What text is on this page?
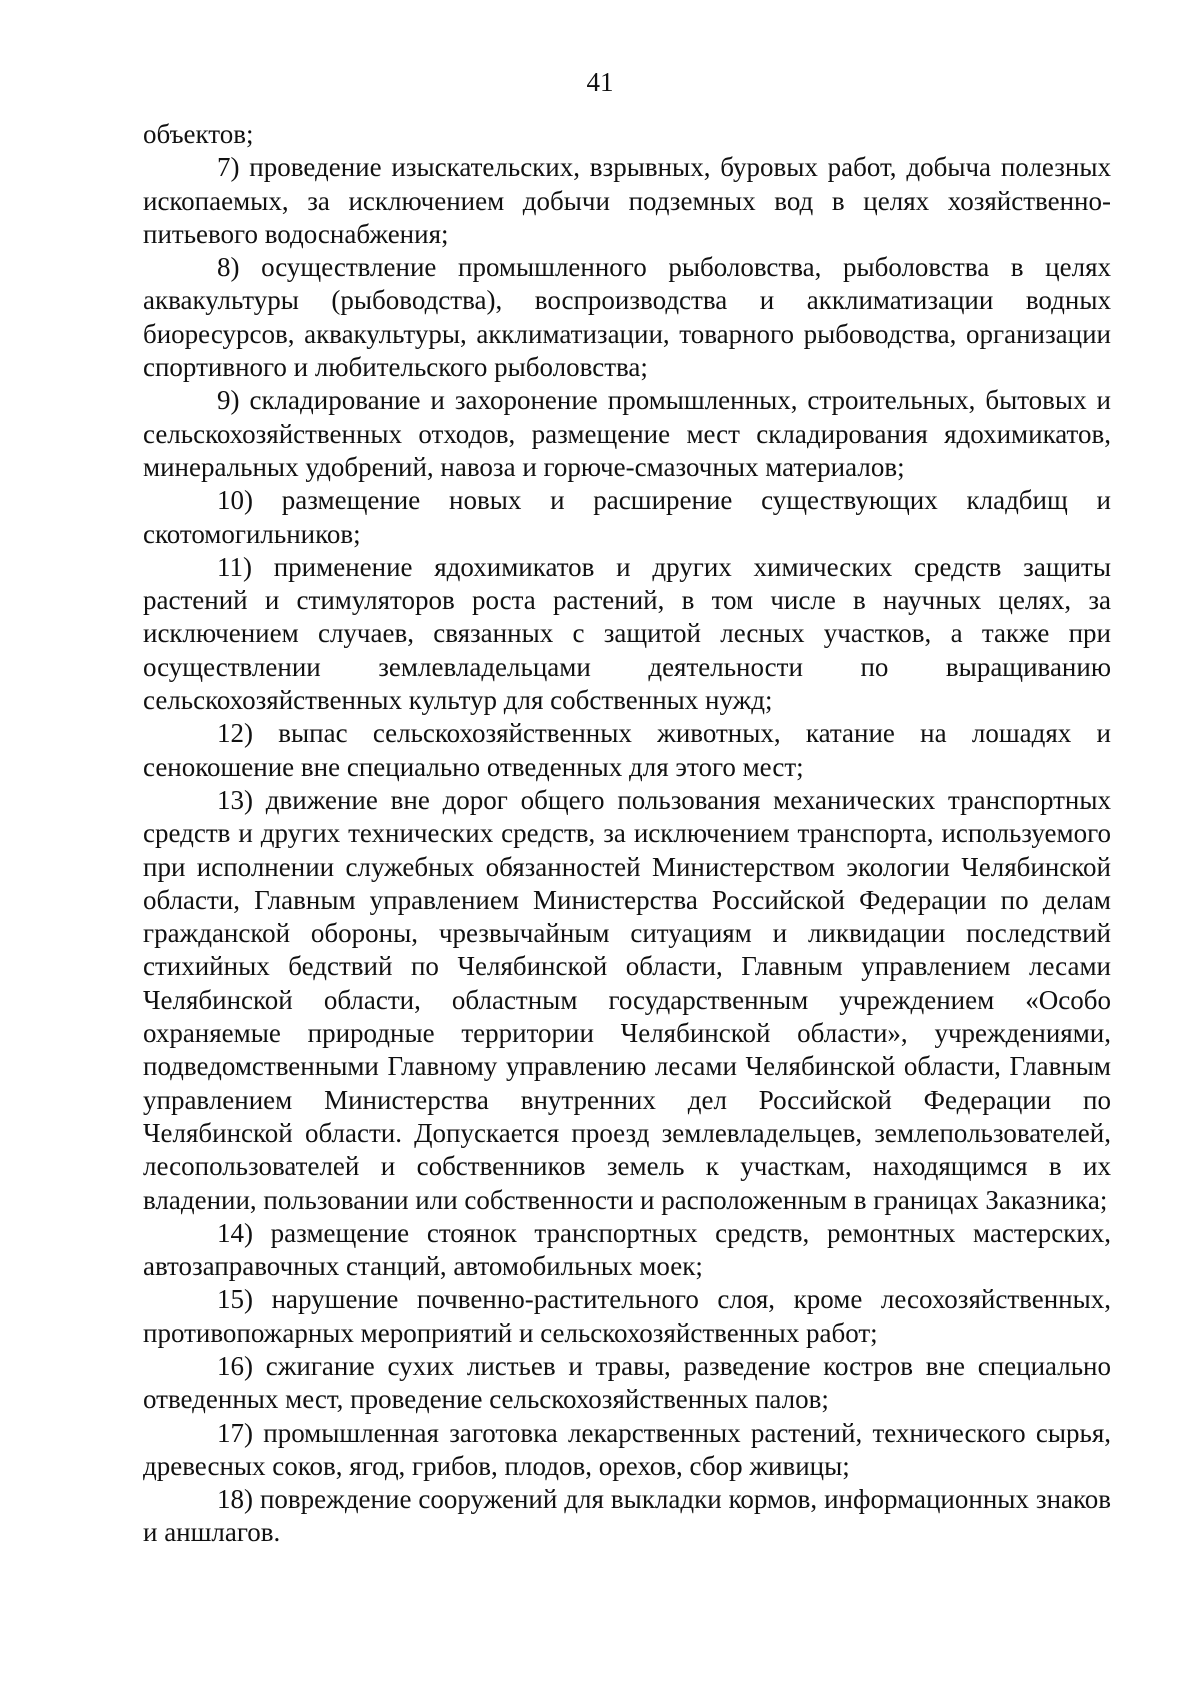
41

объектов;

7) проведение изыскательских, взрывных, буровых работ, добыча полезных ископаемых, за исключением добычи подземных вод в целях хозяйственно-питьевого водоснабжения;

8) осуществление промышленного рыболовства, рыболовства в целях аквакультуры (рыбоводства), воспроизводства и акклиматизации водных биоресурсов, аквакультуры, акклиматизации, товарного рыбоводства, организации спортивного и любительского рыболовства;

9) складирование и захоронение промышленных, строительных, бытовых и сельскохозяйственных отходов, размещение мест складирования ядохимикатов, минеральных удобрений, навоза и горюче-смазочных материалов;

10) размещение новых и расширение существующих кладбищ и скотомогильников;

11) применение ядохимикатов и других химических средств защиты растений и стимуляторов роста растений, в том числе в научных целях, за исключением случаев, связанных с защитой лесных участков, а также при осуществлении землевладельцами деятельности по выращиванию сельскохозяйственных культур для собственных нужд;

12) выпас сельскохозяйственных животных, катание на лошадях и сенокошение вне специально отведенных для этого мест;

13) движение вне дорог общего пользования механических транспортных средств и других технических средств, за исключением транспорта, используемого при исполнении служебных обязанностей Министерством экологии Челябинской области, Главным управлением Министерства Российской Федерации по делам гражданской обороны, чрезвычайным ситуациям и ликвидации последствий стихийных бедствий по Челябинской области, Главным управлением лесами Челябинской области, областным государственным учреждением «Особо охраняемые природные территории Челябинской области», учреждениями, подведомственными Главному управлению лесами Челябинской области, Главным управлением Министерства внутренних дел Российской Федерации по Челябинской области. Допускается проезд землевладельцев, землепользователей, лесопользователей и собственников земель к участкам, находящимся в их владении, пользовании или собственности и расположенным в границах Заказника;

14) размещение стоянок транспортных средств, ремонтных мастерских, автозаправочных станций, автомобильных моек;

15) нарушение почвенно-растительного слоя, кроме лесохозяйственных, противопожарных мероприятий и сельскохозяйственных работ;

16) сжигание сухих листьев и травы, разведение костров вне специально отведенных мест, проведение сельскохозяйственных палов;

17) промышленная заготовка лекарственных растений, технического сырья, древесных соков, ягод, грибов, плодов, орехов, сбор живицы;

18) повреждение сооружений для выкладки кормов, информационных знаков и аншлагов.
